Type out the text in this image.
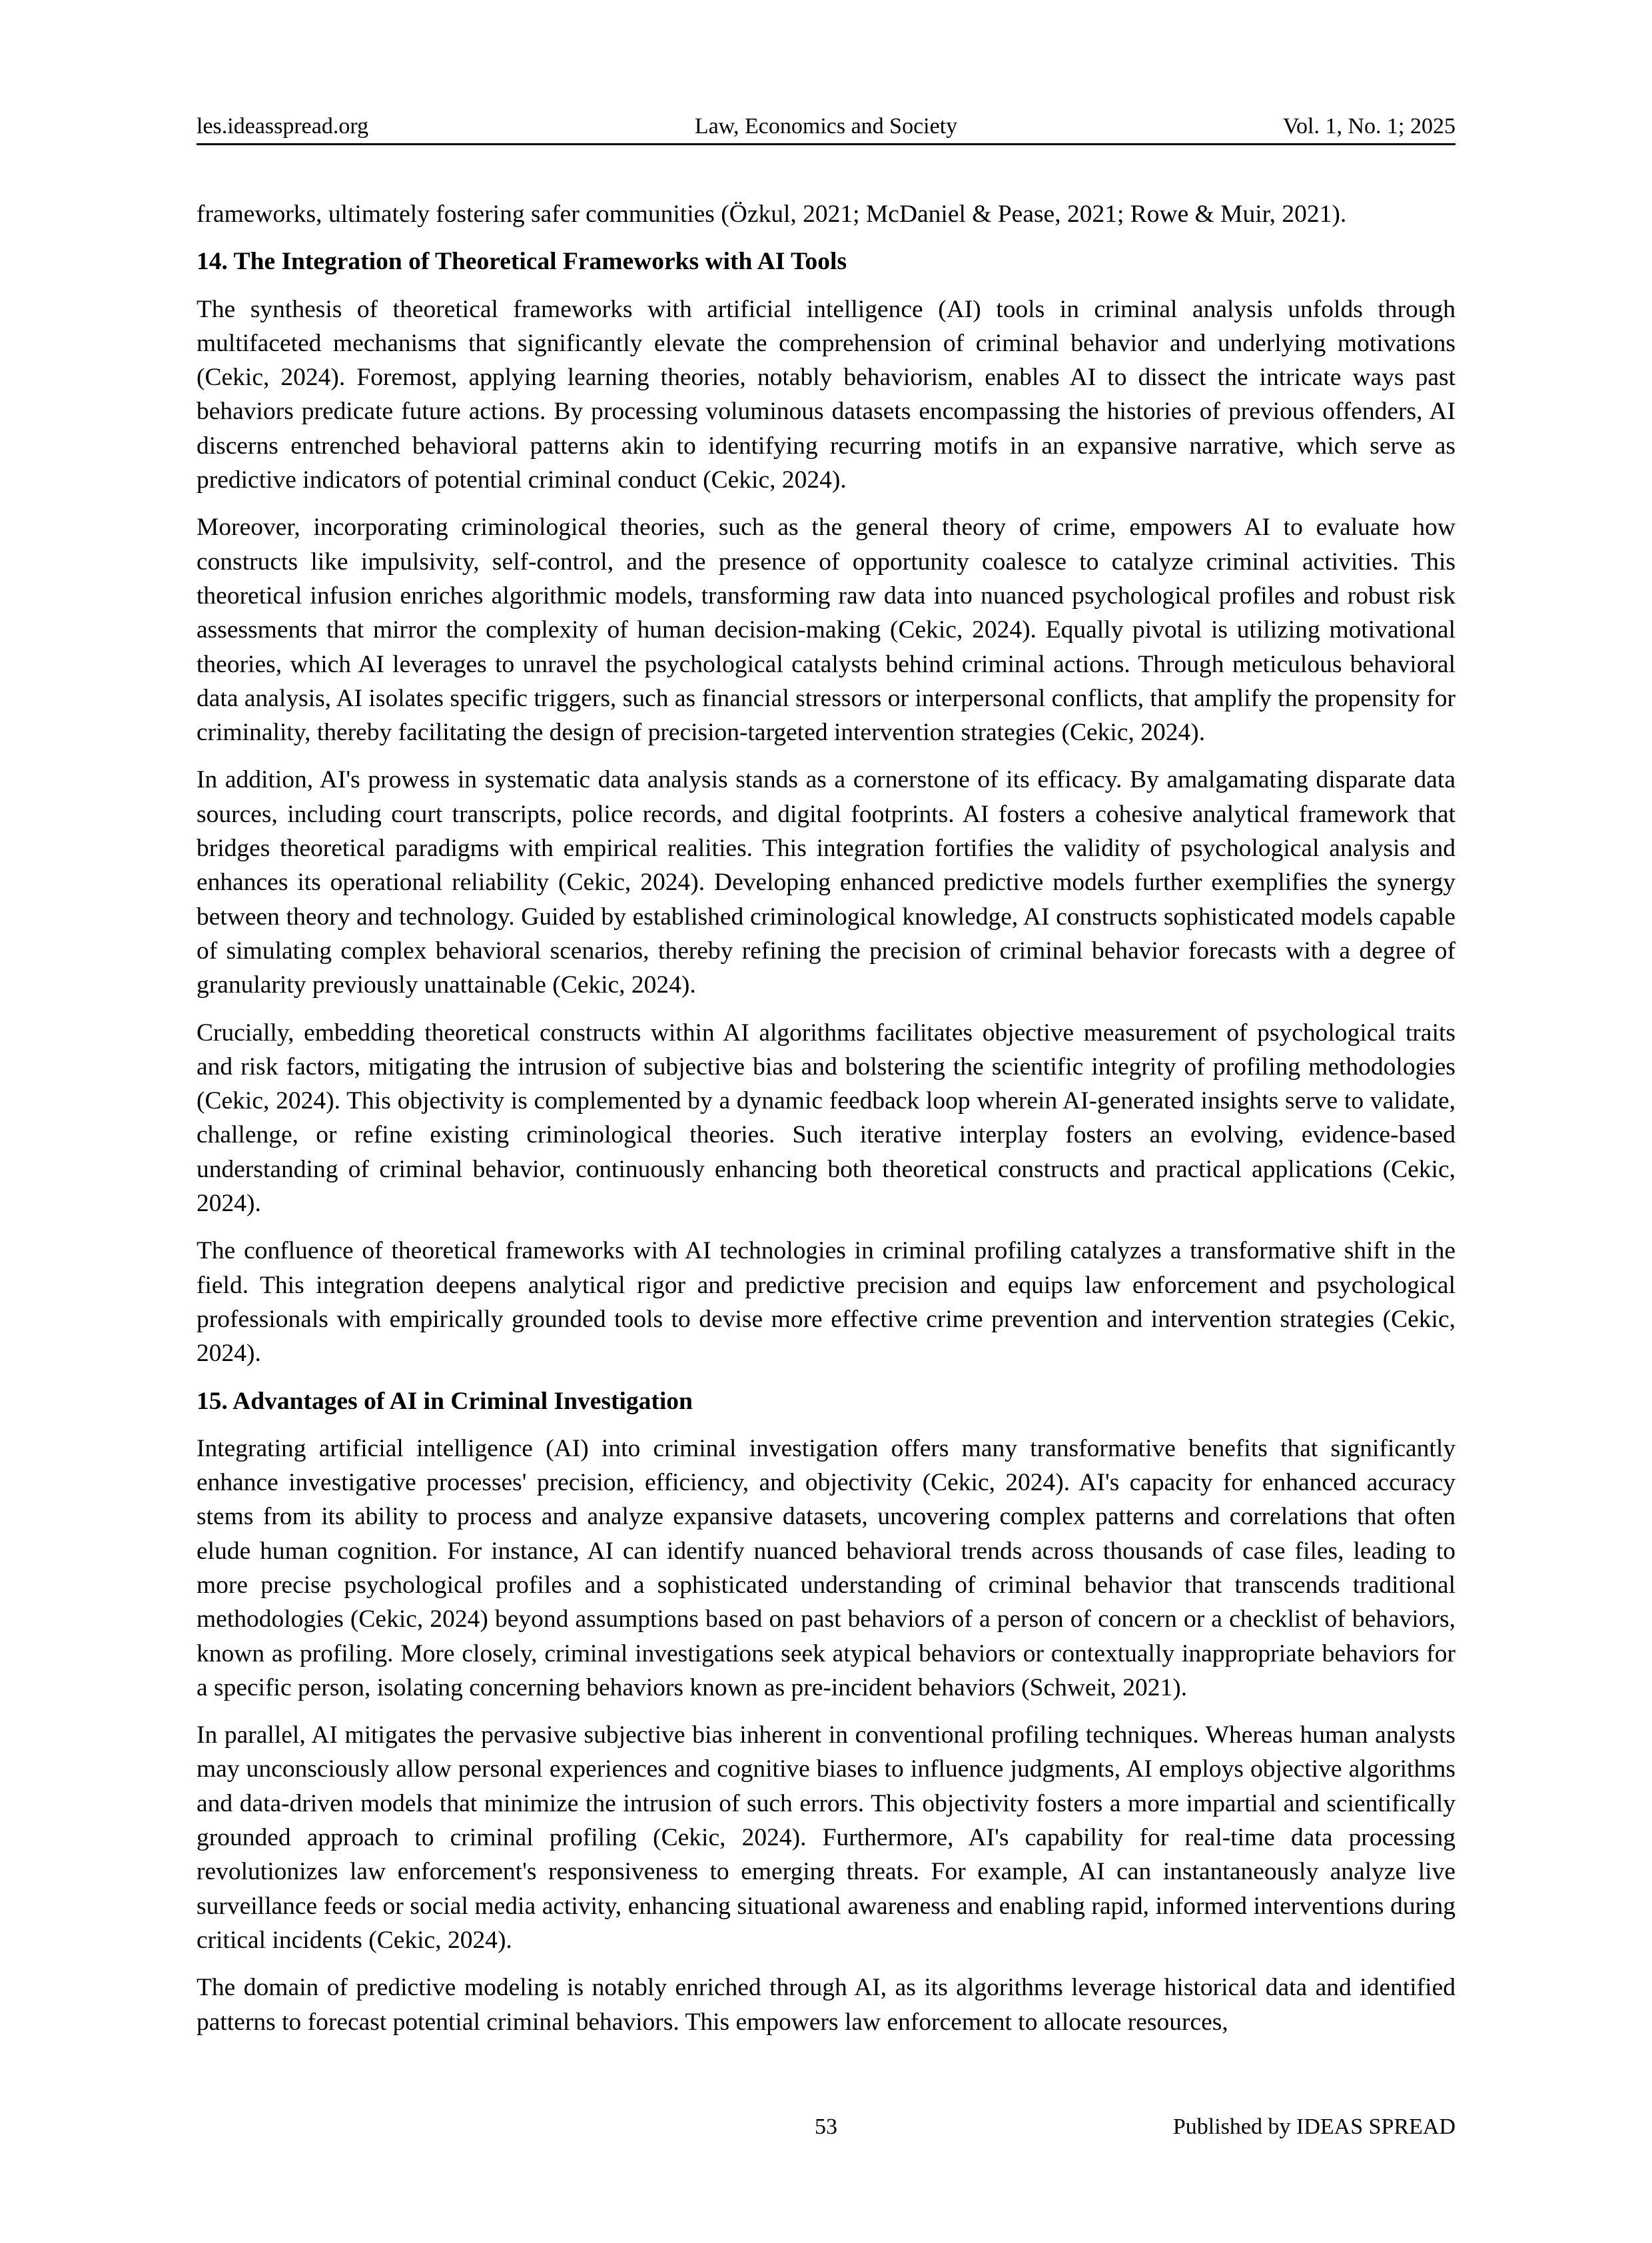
Law, Economics and Society
les.ideasspread.org	Vol. 1, No. 1; 2025

frameworks, ultimately fostering safer communities (Özkul, 2021; McDaniel & Pease, 2021; Rowe & Muir, 2021).

14. The Integration of Theoretical Frameworks with AI Tools

The synthesis of theoretical frameworks with artificial intelligence (AI) tools in criminal analysis unfolds through multifaceted mechanisms that significantly elevate the comprehension of criminal behavior and underlying motivations (Cekic, 2024). Foremost, applying learning theories, notably behaviorism, enables AI to dissect the intricate ways past behaviors predicate future actions. By processing voluminous datasets encompassing the histories of previous offenders, AI discerns entrenched behavioral patterns akin to identifying recurring motifs in an expansive narrative, which serve as predictive indicators of potential criminal conduct (Cekic, 2024).

Moreover, incorporating criminological theories, such as the general theory of crime, empowers AI to evaluate how constructs like impulsivity, self-control, and the presence of opportunity coalesce to catalyze criminal activities. This theoretical infusion enriches algorithmic models, transforming raw data into nuanced psychological profiles and robust risk assessments that mirror the complexity of human decision-making (Cekic, 2024). Equally pivotal is utilizing motivational theories, which AI leverages to unravel the psychological catalysts behind criminal actions. Through meticulous behavioral data analysis, AI isolates specific triggers, such as financial stressors or interpersonal conflicts, that amplify the propensity for criminality, thereby facilitating the design of precision-targeted intervention strategies (Cekic, 2024).

In addition, AI's prowess in systematic data analysis stands as a cornerstone of its efficacy. By amalgamating disparate data sources, including court transcripts, police records, and digital footprints. AI fosters a cohesive analytical framework that bridges theoretical paradigms with empirical realities. This integration fortifies the validity of psychological analysis and enhances its operational reliability (Cekic, 2024). Developing enhanced predictive models further exemplifies the synergy between theory and technology. Guided by established criminological knowledge, AI constructs sophisticated models capable of simulating complex behavioral scenarios, thereby refining the precision of criminal behavior forecasts with a degree of granularity previously unattainable (Cekic, 2024).

Crucially, embedding theoretical constructs within AI algorithms facilitates objective measurement of psychological traits and risk factors, mitigating the intrusion of subjective bias and bolstering the scientific integrity of profiling methodologies (Cekic, 2024). This objectivity is complemented by a dynamic feedback loop wherein AI-generated insights serve to validate, challenge, or refine existing criminological theories. Such iterative interplay fosters an evolving, evidence-based understanding of criminal behavior, continuously enhancing both theoretical constructs and practical applications (Cekic, 2024).

The confluence of theoretical frameworks with AI technologies in criminal profiling catalyzes a transformative shift in the field. This integration deepens analytical rigor and predictive precision and equips law enforcement and psychological professionals with empirically grounded tools to devise more effective crime prevention and intervention strategies (Cekic, 2024).

15. Advantages of AI in Criminal Investigation

Integrating artificial intelligence (AI) into criminal investigation offers many transformative benefits that significantly enhance investigative processes' precision, efficiency, and objectivity (Cekic, 2024). AI's capacity for enhanced accuracy stems from its ability to process and analyze expansive datasets, uncovering complex patterns and correlations that often elude human cognition. For instance, AI can identify nuanced behavioral trends across thousands of case files, leading to more precise psychological profiles and a sophisticated understanding of criminal behavior that transcends traditional methodologies (Cekic, 2024) beyond assumptions based on past behaviors of a person of concern or a checklist of behaviors, known as profiling. More closely, criminal investigations seek atypical behaviors or contextually inappropriate behaviors for a specific person, isolating concerning behaviors known as pre-incident behaviors (Schweit, 2021).

In parallel, AI mitigates the pervasive subjective bias inherent in conventional profiling techniques. Whereas human analysts may unconsciously allow personal experiences and cognitive biases to influence judgments, AI employs objective algorithms and data-driven models that minimize the intrusion of such errors. This objectivity fosters a more impartial and scientifically grounded approach to criminal profiling (Cekic, 2024). Furthermore, AI's capability for real-time data processing revolutionizes law enforcement's responsiveness to emerging threats. For example, AI can instantaneously analyze live surveillance feeds or social media activity, enhancing situational awareness and enabling rapid, informed interventions during critical incidents (Cekic, 2024).

The domain of predictive modeling is notably enriched through AI, as its algorithms leverage historical data and identified patterns to forecast potential criminal behaviors. This empowers law enforcement to allocate resources,

53	Published by IDEAS SPREAD
